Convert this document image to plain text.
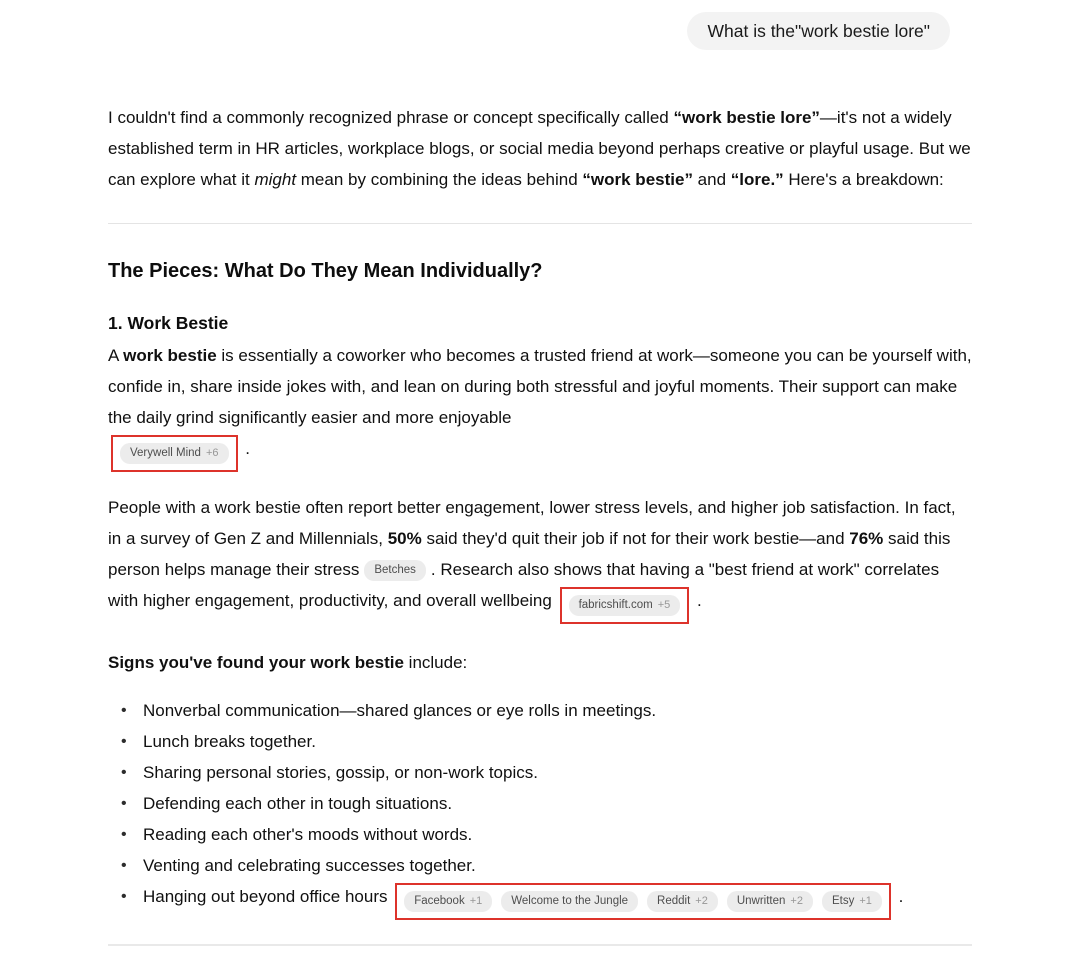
What is the"work bestie lore"

I couldn't find a commonly recognized phrase or concept specifically called “work bestie lore”—it's not a widely established term in HR articles, workplace blogs, or social media beyond perhaps creative or playful usage. But we can explore what it might mean by combining the ideas behind “work bestie” and “lore.” Here's a breakdown:

The Pieces: What Do They Mean Individually?
1. Work Bestie

A work bestie is essentially a coworker who becomes a trusted friend at work—someone you can be yourself with, confide in, share inside jokes with, and lean on during both stressful and joyful moments. Their support can make the daily grind significantly easier and more enjoyable
Verywell Mind +6 .

People with a work bestie often report better engagement, lower stress levels, and higher job satisfaction. In fact, in a survey of Gen Z and Millennials, 50% said they'd quit their job if not for their work bestie—and 76% said this person helps manage their stress Betches . Research also shows that having a "best friend at work" correlates with higher engagement, productivity, and overall wellbeing fabricshift.com +5 .

Signs you've found your work bestie include:

• Nonverbal communication—shared glances or eye rolls in meetings.
• Lunch breaks together.
• Sharing personal stories, gossip, or non-work topics.
• Defending each other in tough situations.
• Reading each other's moods without words.
• Venting and celebrating successes together.
• Hanging out beyond office hours Facebook +1	Welcome to the Jungle	Reddit +2	Unwritten +2	Etsy +1 .
